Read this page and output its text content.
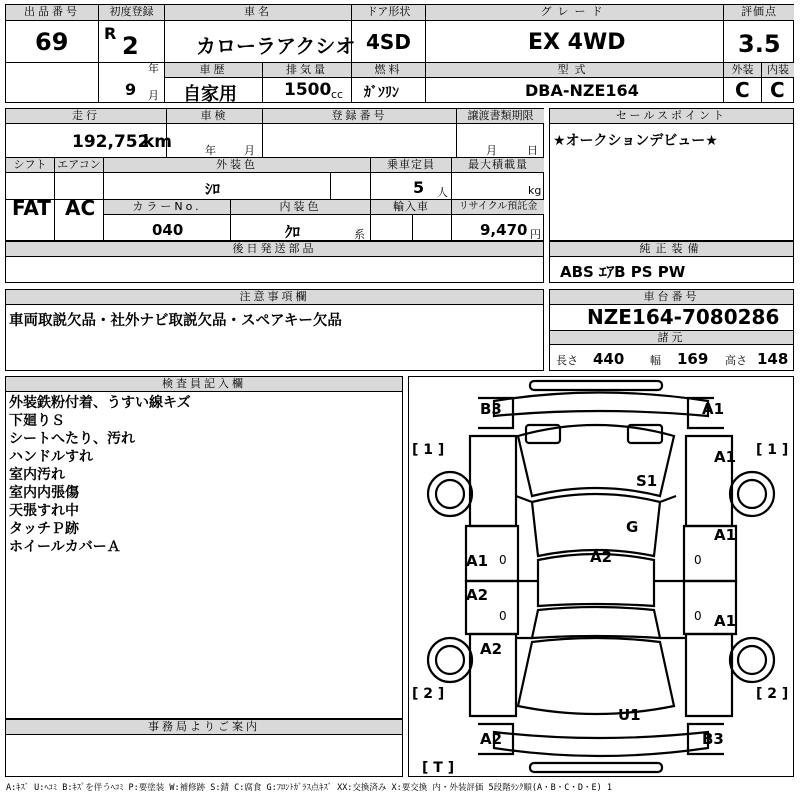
出品番号
69
初度登録
R 2
年
9 月
車名
カローラアクシオ
車歴
自家用
排気量
1500 cc
ドア形状
4SD
燃料
ｶﾞｿﾘﾝ
グレード
EX 4WD
型式
DBA-NZE164
評価点
3.5
外装
C
内装
C
走行
192,752
km
車検
年	月
登録番号	譲渡書類期限
月	日
シフト
FAT
エアコン
AC
外装色
ｼﾛ
乗車定員
5 人
最大積載量
kg
カラーNo.
040
内装色
ｸﾛ	系
輸入車	リサイクル預託金
9,470 円
後日発送部品
セールスポイント
★オークションデビュー★
純正装備
ABS ｴｱB PS PW
注意事項欄
車両取説欠品・社外ナビ取説欠品・スペアキー欠品
車台番号
NZE164-7080286
諸元
長さ 440 幅 169 高さ 148
検査員記入欄
外装鉄粉付着、うすい線キズ
下廻りＳ
シートへたり、汚れ
ハンドルすれ
室内汚れ
室内内張傷
天張すれ中
タッチＰ跡
ホイールカバーＡ
事務局よりご案内
[ 1 ]	[ 1 ]
[ 2 ]	[ 2 ]
[ T ]
B3	A1
A1
S1
G	A1
A1	A2
A2
A1
A2
U1
A2	B3
0	0
0	0
A:ｷｽﾞ U:ﾍｺﾐ B:ｷｽﾞを伴うﾍｺﾐ P:要塗装 W:補修跡 S:錆 C:腐食 G:ﾌﾛﾝﾄｶﾞﾗｽ点ｷｽﾞ XX:交換済み X:要交換 内・外装評価 5段階ﾗﾝｸ順(A・B・C・D・E) 1
